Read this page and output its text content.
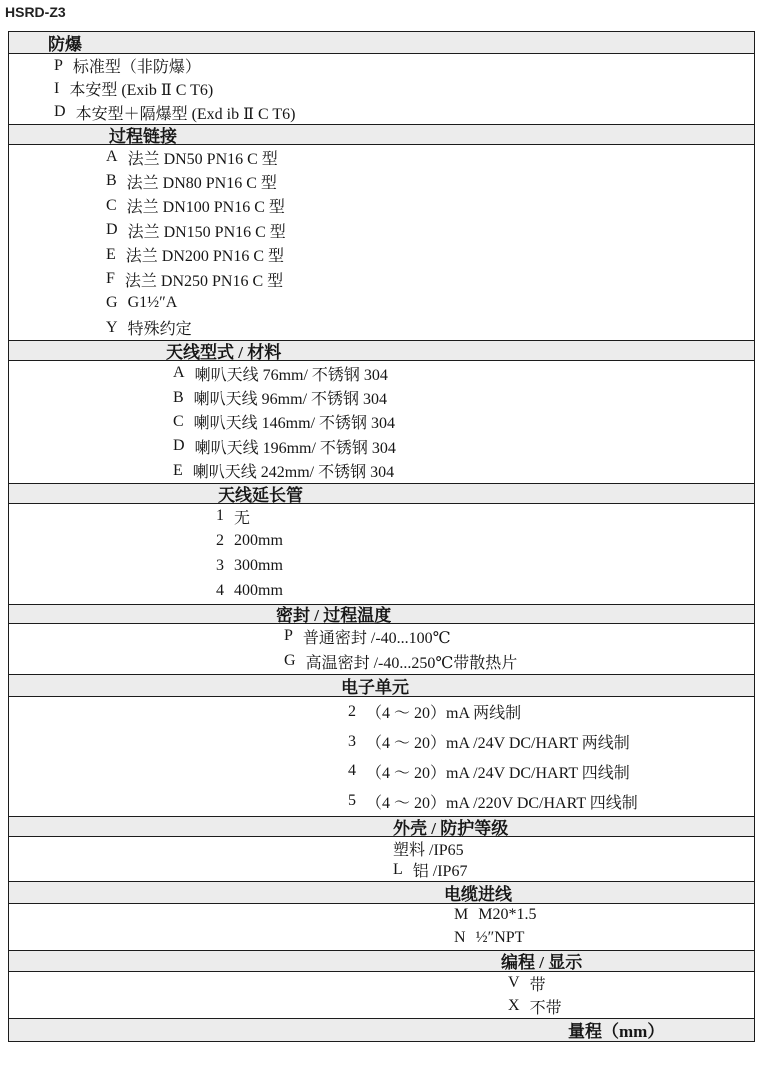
HSRD-Z3
防爆
P 标准型（非防爆）
I 本安型 (Exib Ⅱ C T6)
D 本安型＋隔爆型 (Exd ib Ⅱ C T6)
过程链接
A 法兰 DN50 PN16 C 型
B 法兰 DN80 PN16 C 型
C 法兰 DN100 PN16 C 型
D 法兰 DN150 PN16 C 型
E 法兰 DN200 PN16 C 型
F 法兰 DN250 PN16 C 型
G G1½″A
Y 特殊约定
天线型式 / 材料
A 喇叭天线 76mm/ 不锈钢 304
B 喇叭天线 96mm/ 不锈钢 304
C 喇叭天线 146mm/ 不锈钢 304
D 喇叭天线 196mm/ 不锈钢 304
E 喇叭天线 242mm/ 不锈钢 304
天线延长管
1 无
2 200mm
3 300mm
4 400mm
密封 / 过程温度
P 普通密封 /-40...100℃
G 高温密封 /-40...250℃带散热片
电子单元
2 （4 ～ 20）mA 两线制
3 （4 ～ 20）mA /24V DC/HART 两线制
4 （4 ～ 20）mA /24V DC/HART 四线制
5 （4 ～ 20）mA /220V DC/HART 四线制
外壳 / 防护等级
塑料 /IP65
L 铝 /IP67
电缆进线
M M20*1.5
N ½″NPT
编程 / 显示
V 带
X 不带
量程（mm）
